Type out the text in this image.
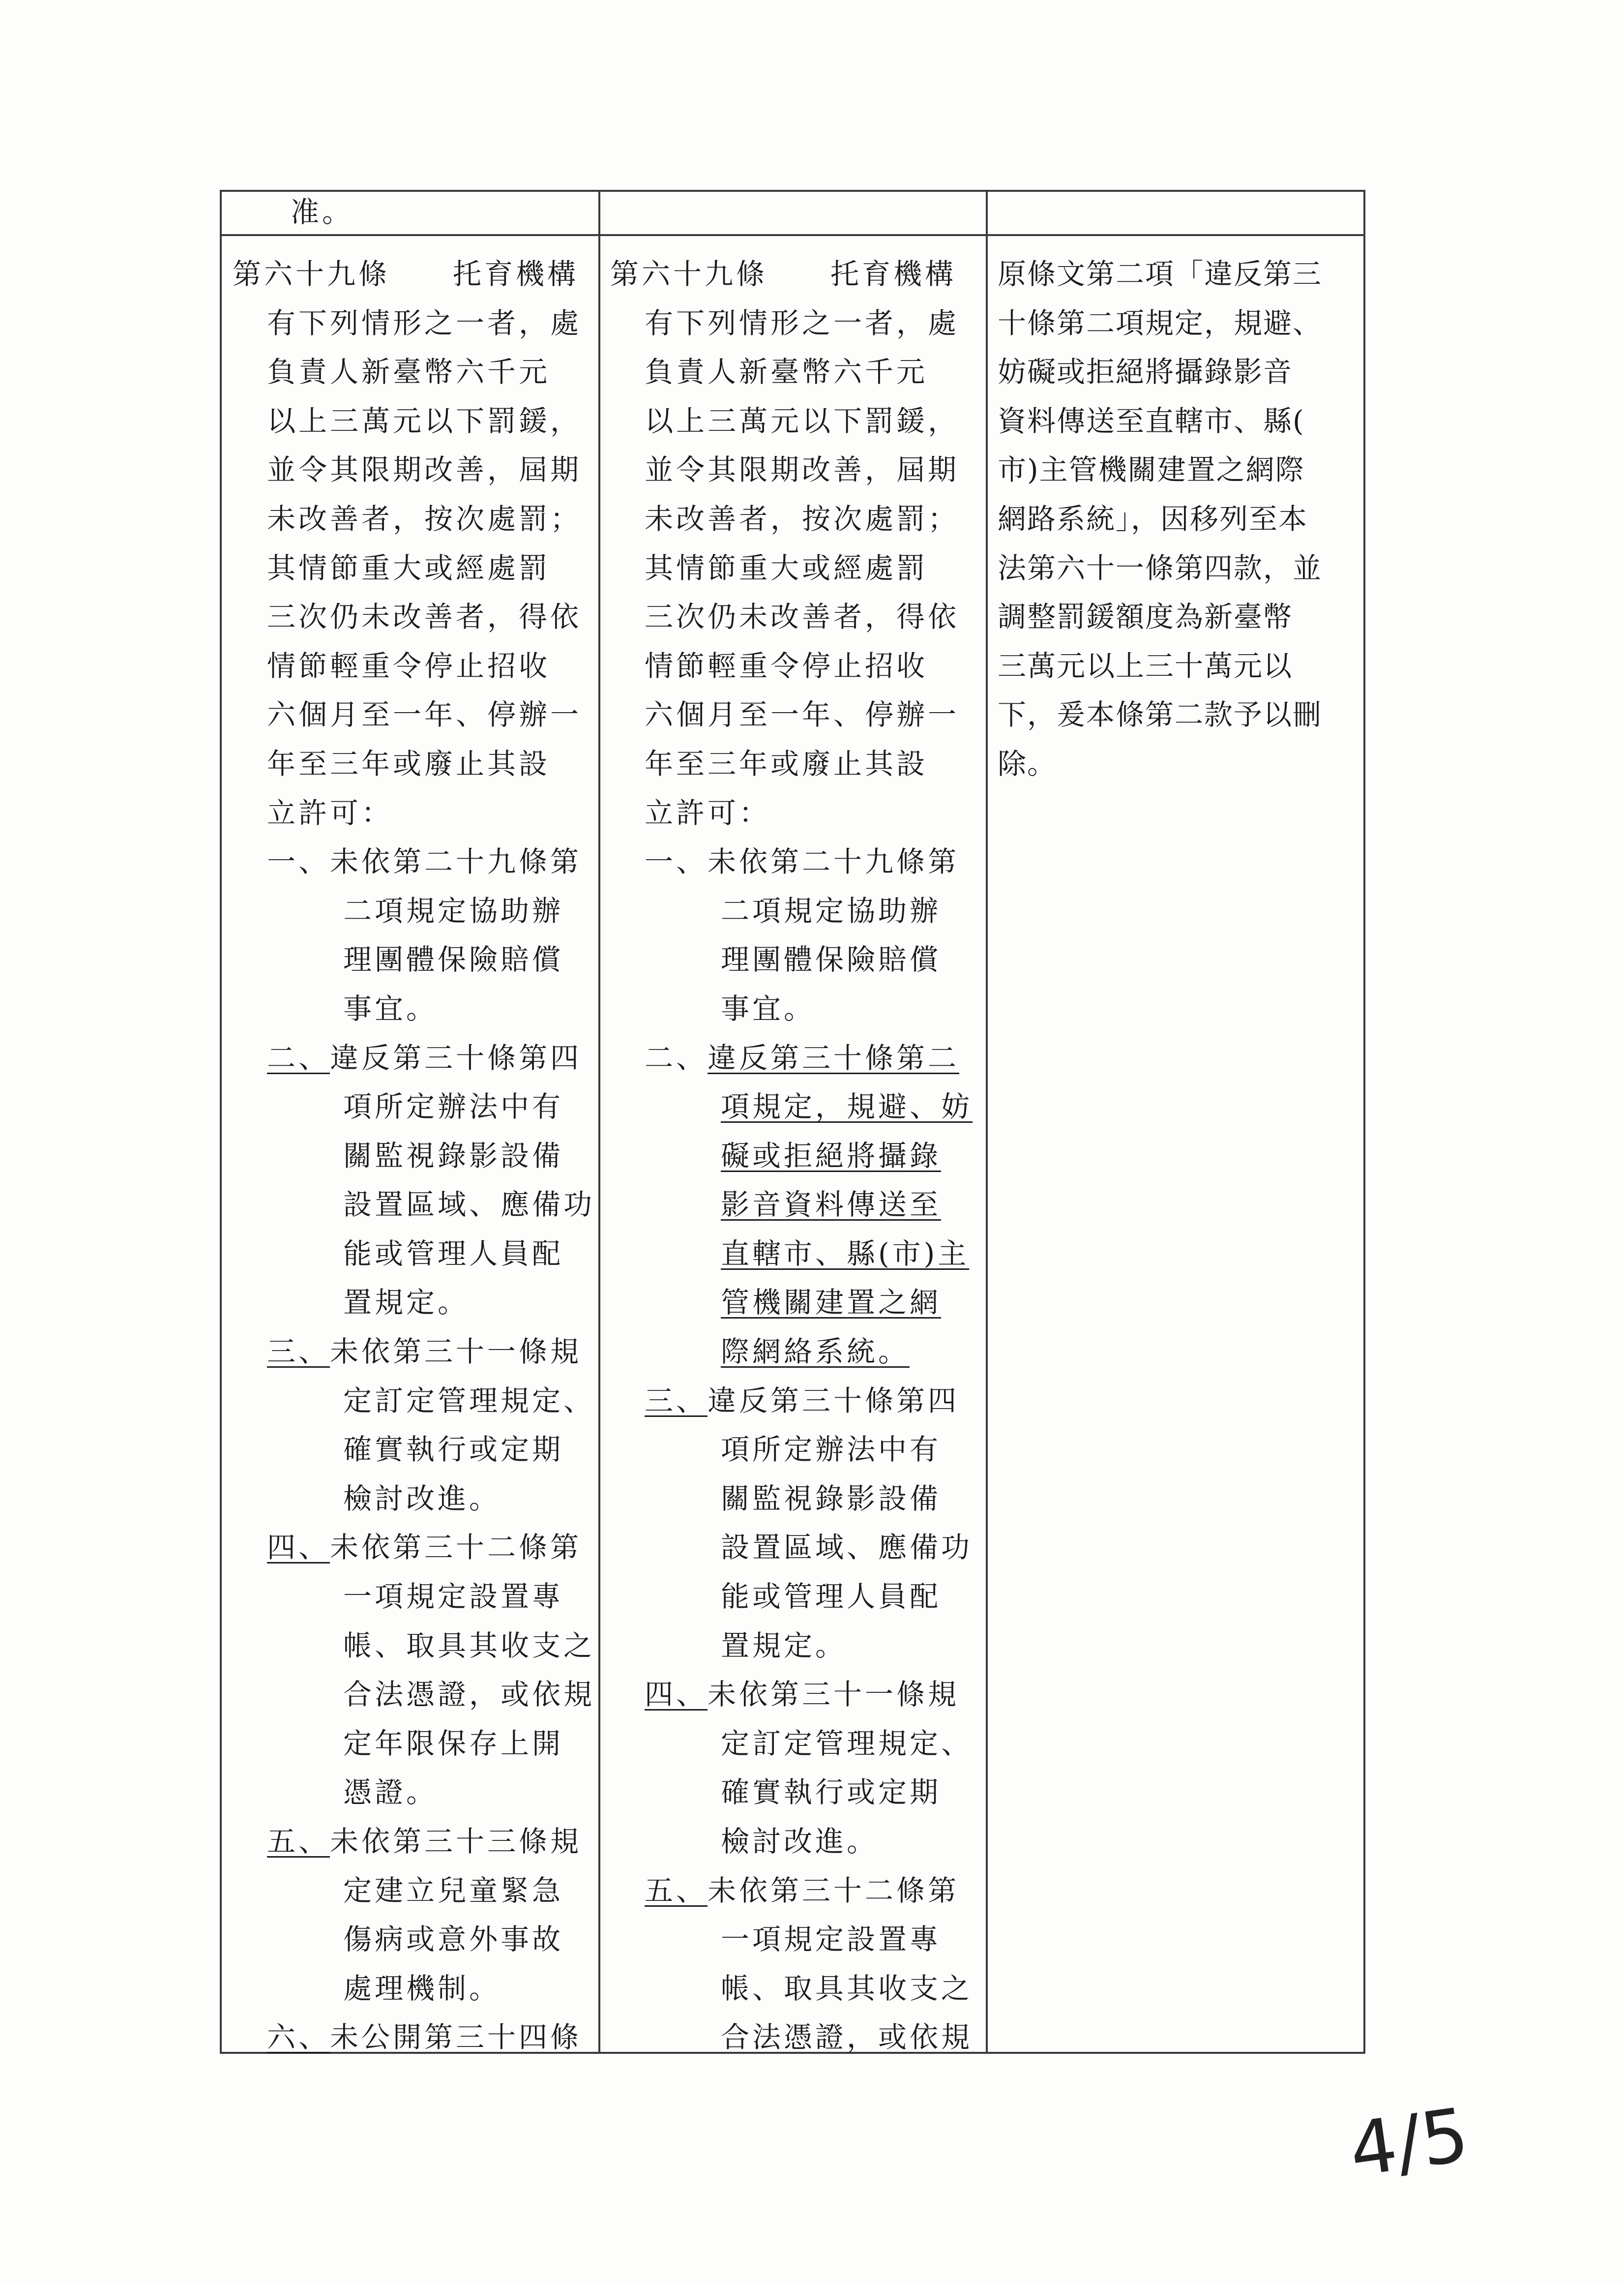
准。
第六十九條　　托育機構
有下列情形之一者，處
負責人新臺幣六千元
以上三萬元以下罰鍰，
並令其限期改善，屆期
未改善者，按次處罰；
其情節重大或經處罰
三次仍未改善者，得依
情節輕重令停止招收
六個月至一年、停辦一
年至三年或廢止其設
立許可：
一、未依第二十九條第
二項規定協助辦
理團體保險賠償
事宜。
二、違反第三十條第四
項所定辦法中有
關監視錄影設備
設置區域、應備功
能或管理人員配
置規定。
三、未依第三十一條規
定訂定管理規定、
確實執行或定期
檢討改進。
四、未依第三十二條第
一項規定設置專
帳、取具其收支之
合法憑證，或依規
定年限保存上開
憑證。
五、未依第三十三條規
定建立兒童緊急
傷病或意外事故
處理機制。
六、未公開第三十四條
第六十九條　　托育機構
有下列情形之一者，處
負責人新臺幣六千元
以上三萬元以下罰鍰，
並令其限期改善，屆期
未改善者，按次處罰；
其情節重大或經處罰
三次仍未改善者，得依
情節輕重令停止招收
六個月至一年、停辦一
年至三年或廢止其設
立許可：
一、未依第二十九條第
二項規定協助辦
理團體保險賠償
事宜。
二、違反第三十條第二
項規定，規避、妨
礙或拒絕將攝錄
影音資料傳送至
直轄市、縣(市)主
管機關建置之網
際網絡系統。
三、違反第三十條第四
項所定辦法中有
關監視錄影設備
設置區域、應備功
能或管理人員配
置規定。
四、未依第三十一條規
定訂定管理規定、
確實執行或定期
檢討改進。
五、未依第三十二條第
一項規定設置專
帳、取具其收支之
合法憑證，或依規
原條文第二項「違反第三
十條第二項規定，規避、
妨礙或拒絕將攝錄影音
資料傳送至直轄市、縣(
市)主管機關建置之網際
網路系統」，因移列至本
法第六十一條第四款，並
調整罰鍰額度為新臺幣
三萬元以上三十萬元以
下，爰本條第二款予以刪
除。
4/5
